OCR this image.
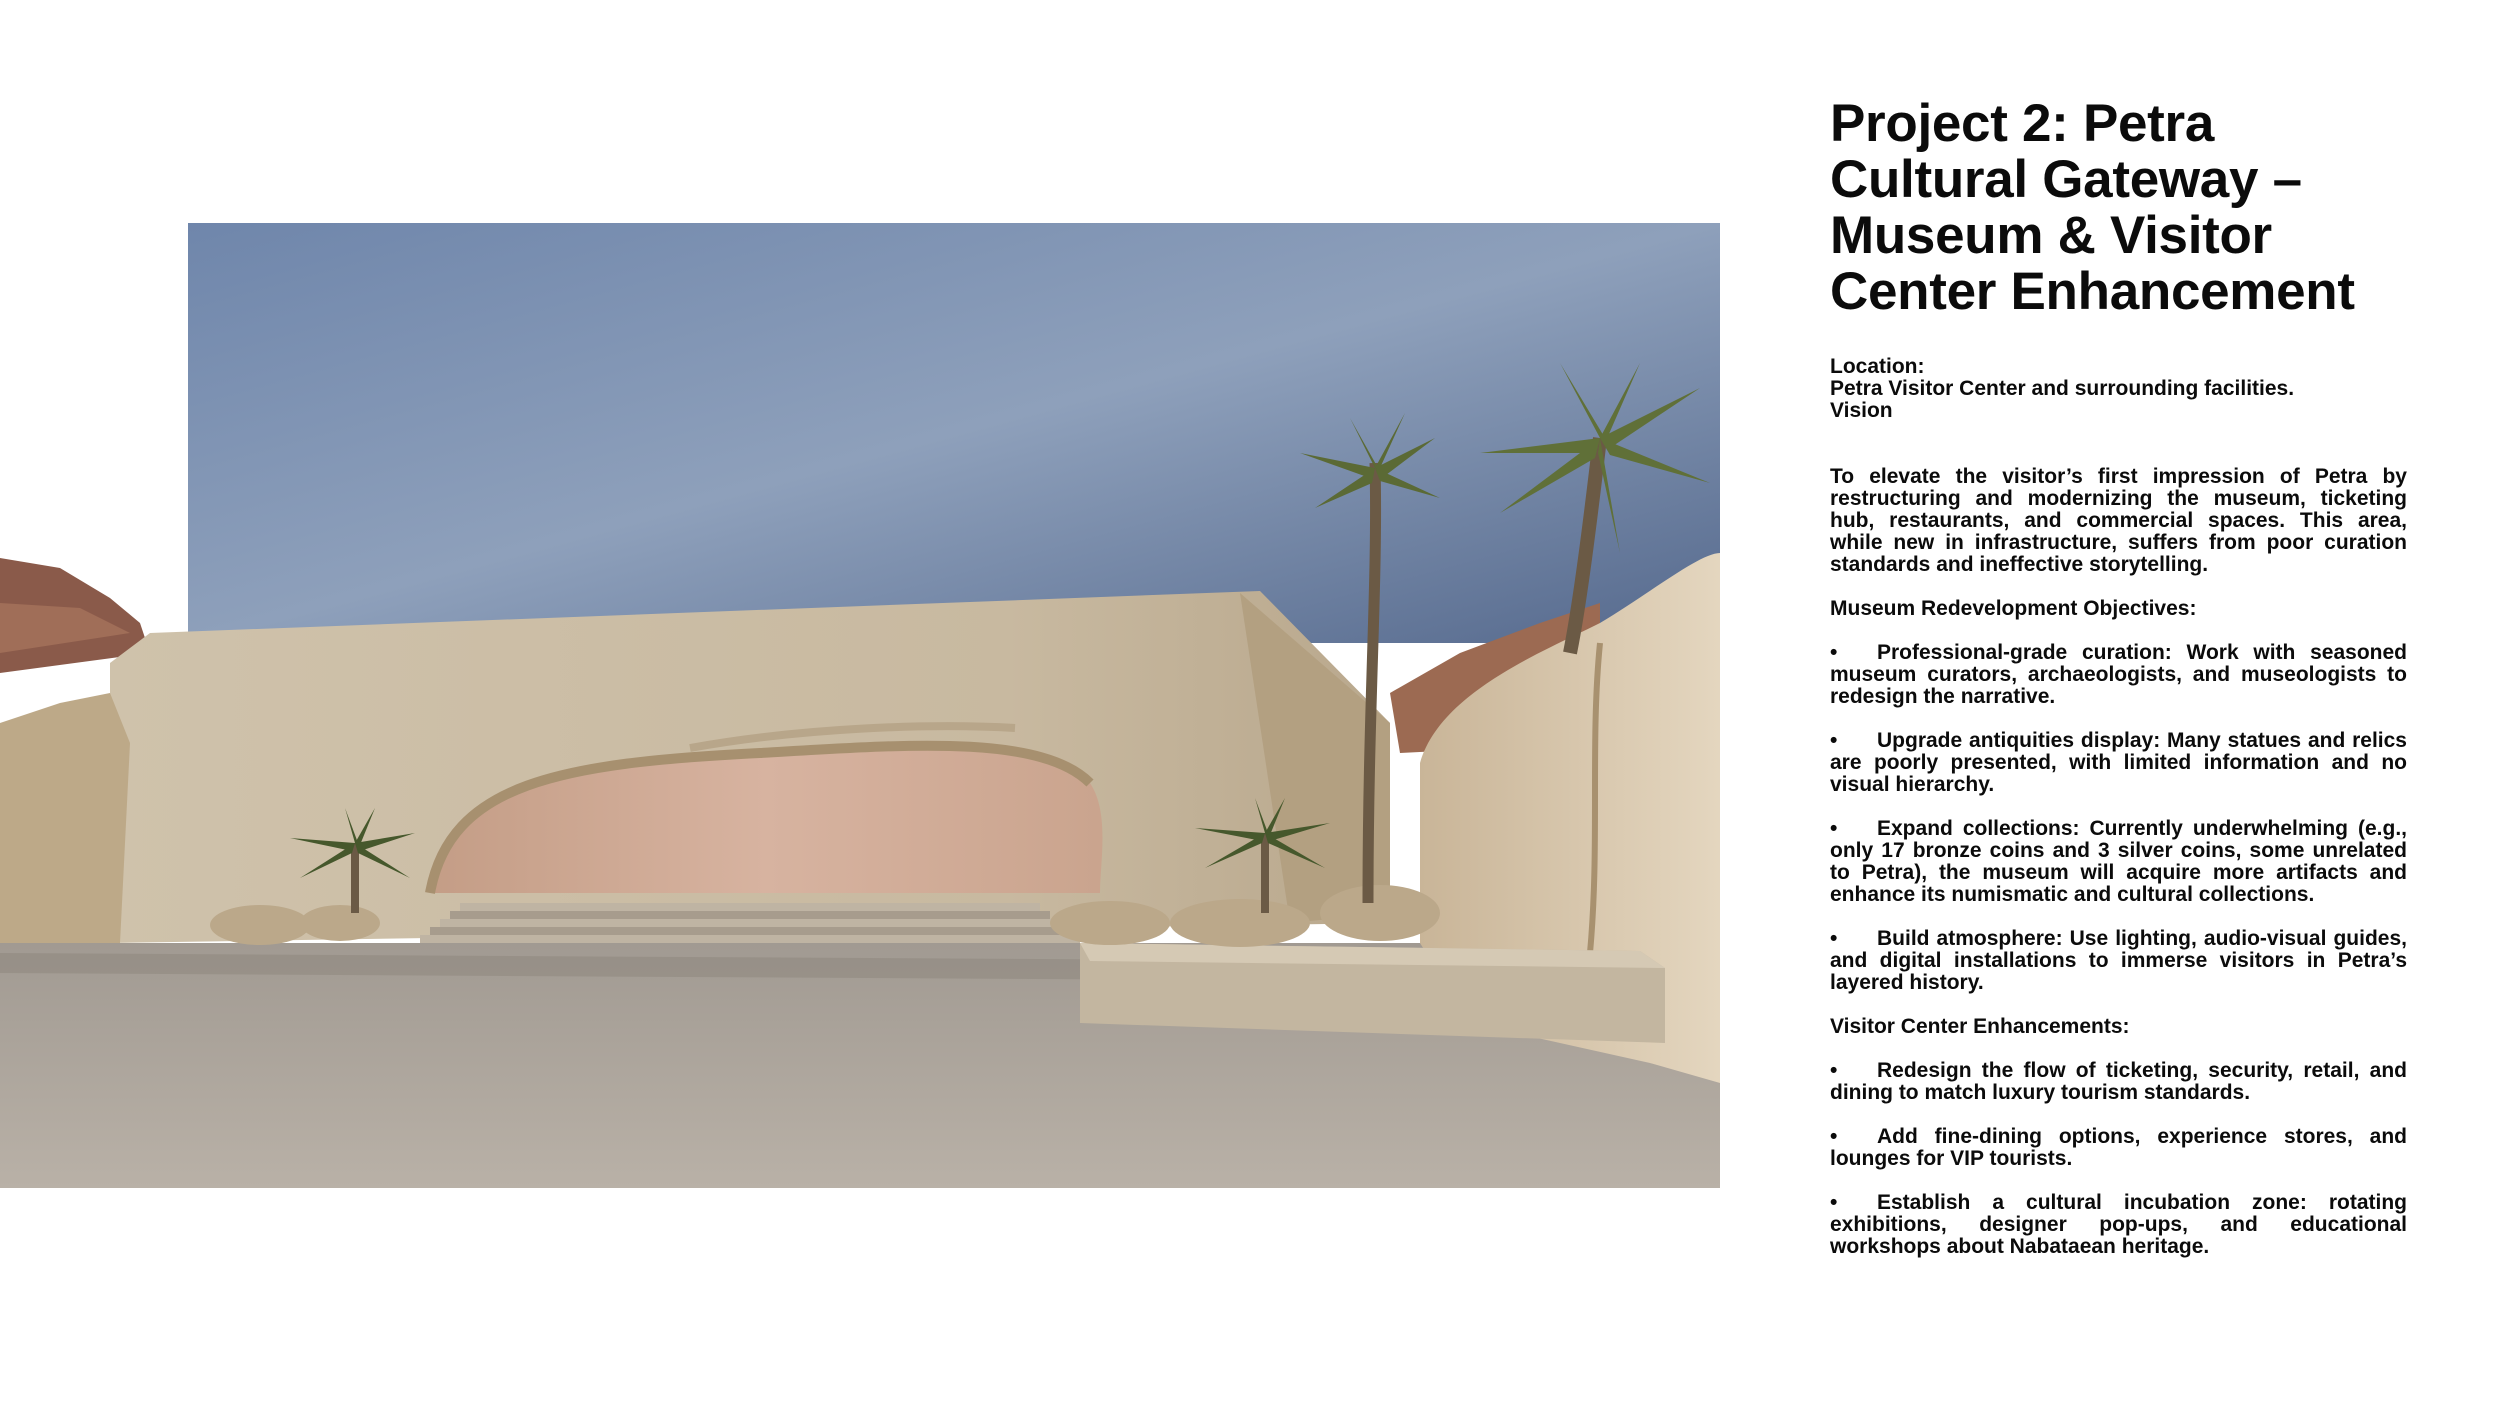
Project 2: Petra Cultural Gateway – Museum & Visitor Center Enhancement

Location:

Petra Visitor Center and surrounding facilities.

Vision

To elevate the visitor’s first impression of Petra by restructuring and modernizing the museum, ticketing hub, restaurants, and commercial spaces. This area, while new in infrastructure, suffers from poor curation standards and ineffective storytelling.

Museum Redevelopment Objectives:

• Professional-grade curation: Work with seasoned museum curators, archaeologists, and museologists to redesign the narrative.

• Upgrade antiquities display: Many statues and relics are poorly presented, with limited information and no visual hierarchy.

• Expand collections: Currently underwhelming (e.g., only 17 bronze coins and 3 silver coins, some unrelated to Petra), the museum will acquire more artifacts and enhance its numismatic and cultural collections.

• Build atmosphere: Use lighting, audio-visual guides, and digital installations to immerse visitors in Petra’s layered history.

Visitor Center Enhancements:

• Redesign the flow of ticketing, security, retail, and dining to match luxury tourism standards.

• Add fine-dining options, experience stores, and lounges for VIP tourists.

• Establish a cultural incubation zone: rotating exhibitions, designer pop-ups, and educational workshops about Nabataean heritage.
